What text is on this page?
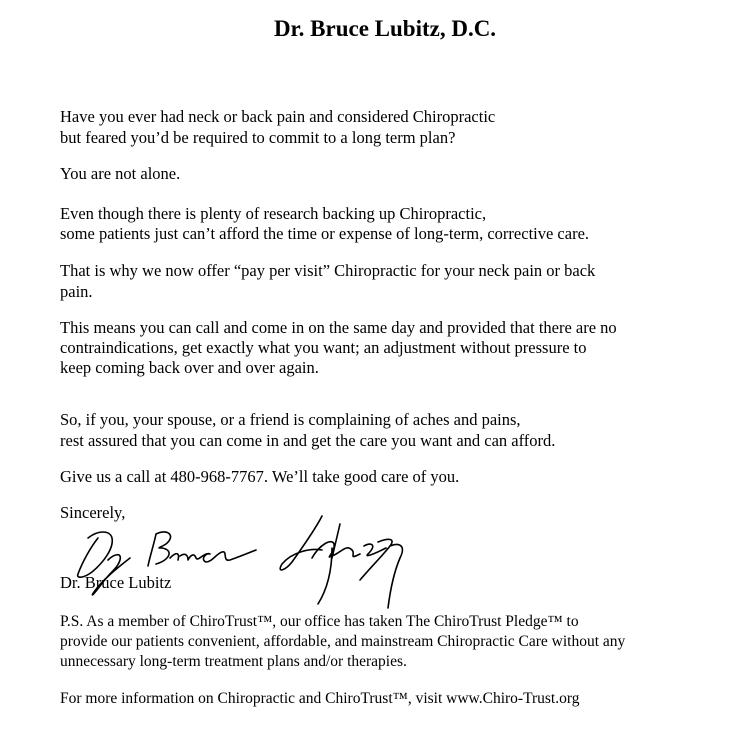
Dr. Bruce Lubitz, D.C.

Have you ever had neck or back pain and considered Chiropractic

but feared you’d be required to commit to a long term plan?

You are not alone.

Even though there is plenty of research backing up Chiropractic,

some patients just can’t afford the time or expense of long-term, corrective care.

That is why we now offer “pay per visit” Chiropractic for your neck pain or back

pain.

This means you can call and come in on the same day and provided that there are no

contraindications, get exactly what you want; an adjustment without pressure to

keep coming back over and over again.

So, if you, your spouse, or a friend is complaining of aches and pains,

rest assured that you can come in and get the care you want and can afford.

Give us a call at 480-968-7767. We’ll take good care of you.

Sincerely,

Dr. Bruce Lubitz

P.S. As a member of ChiroTrust™, our office has taken The ChiroTrust Pledge™ to

provide our patients convenient, affordable, and mainstream Chiropractic Care without any

unnecessary long-term treatment plans and/or therapies.

For more information on Chiropractic and ChiroTrust™, visit www.Chiro-Trust.org
